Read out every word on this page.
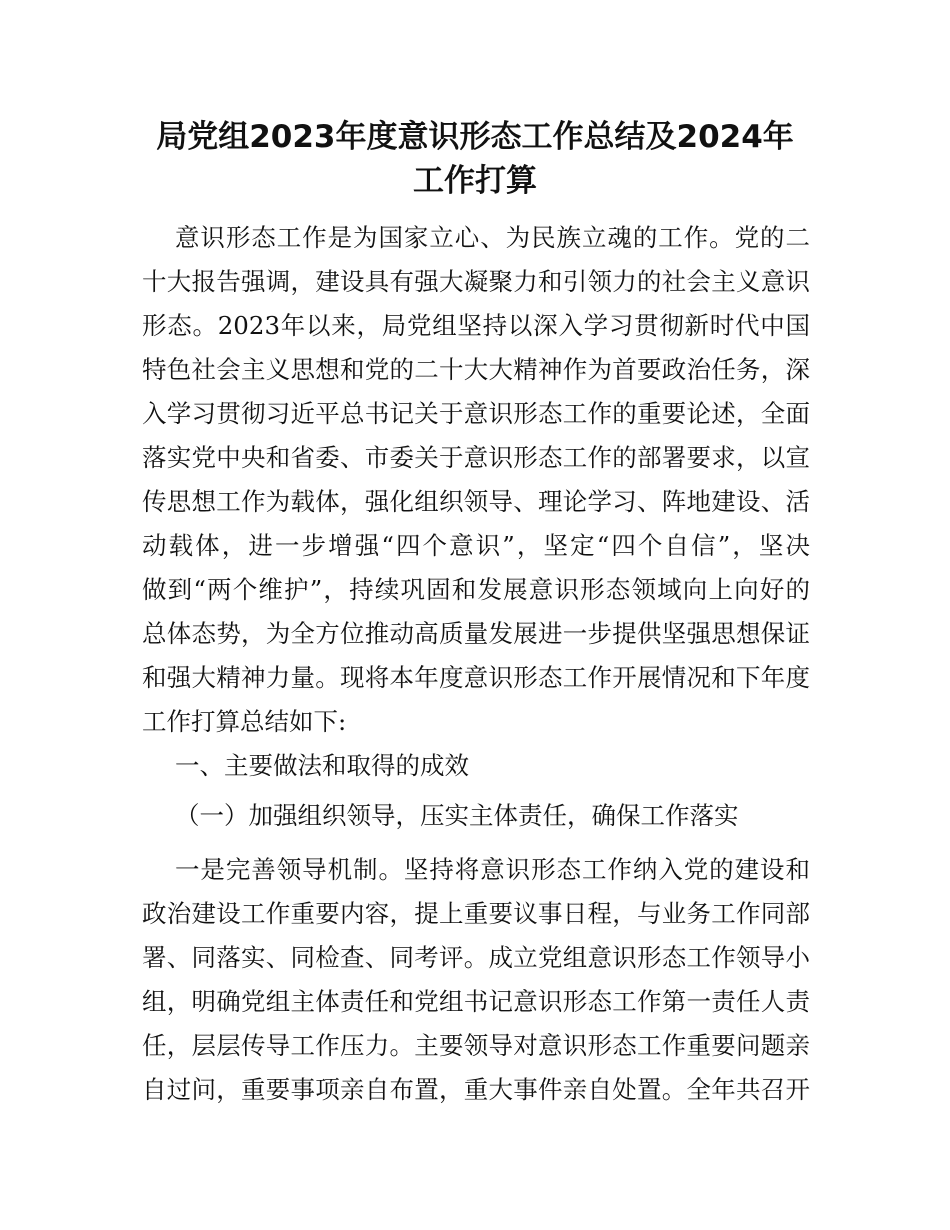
局党组2023年度意识形态工作总结及2024年
工作打算
意识形态工作是为国家立心、为民族立魂的工作。党的二
十大报告强调，建设具有强大凝聚力和引领力的社会主义意识
形态。2023年以来，局党组坚持以深入学习贯彻新时代中国
特色社会主义思想和党的二十大大精神作为首要政治任务，深
入学习贯彻习近平总书记关于意识形态工作的重要论述，全面
落实党中央和省委、市委关于意识形态工作的部署要求，以宣
传思想工作为载体，强化组织领导、理论学习、阵地建设、活
动载体，进一步增强“四个意识”，坚定“四个自信”，坚决
做到“两个维护”，持续巩固和发展意识形态领域向上向好的
总体态势，为全方位推动高质量发展进一步提供坚强思想保证
和强大精神力量。现将本年度意识形态工作开展情况和下年度
工作打算总结如下:
一、主要做法和取得的成效
（一）加强组织领导，压实主体责任，确保工作落实
一是完善领导机制。坚持将意识形态工作纳入党的建设和
政治建设工作重要内容，提上重要议事日程，与业务工作同部
署、同落实、同检查、同考评。成立党组意识形态工作领导小
组，明确党组主体责任和党组书记意识形态工作第一责任人责
任，层层传导工作压力。主要领导对意识形态工作重要问题亲
自过问，重要事项亲自布置，重大事件亲自处置。全年共召开
